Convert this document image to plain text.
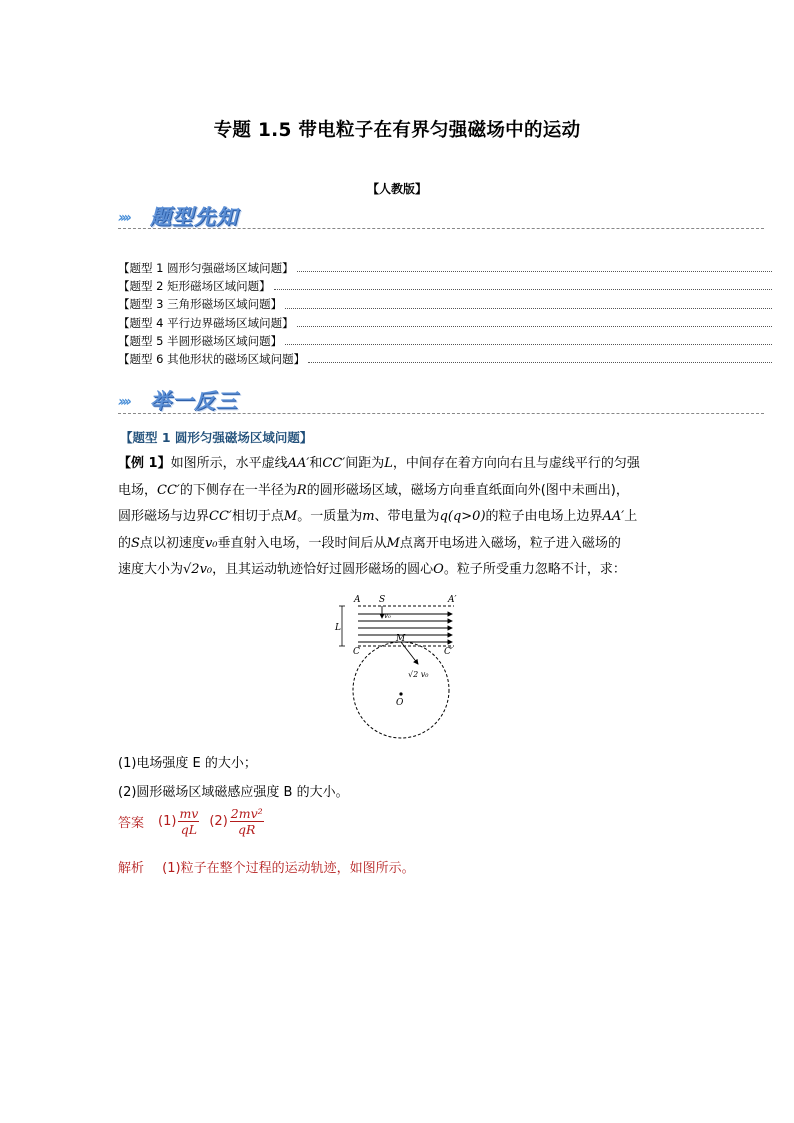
专题 1.5 带电粒子在有界匀强磁场中的运动
【人教版】
›››› 题型先知
【题型 1 圆形匀强磁场区域问题】
【题型 2 矩形磁场区域问题】
【题型 3 三角形磁场区域问题】
【题型 4 平行边界磁场区域问题】
【题型 5 半圆形磁场区域问题】
【题型 6 其他形状的磁场区域问题】
›››› 举一反三
【题型 1 圆形匀强磁场区域问题】
【例 1】如图所示，水平虚线AA′和CC′间距为L，中间存在着方向向右且与虚线平行的匀强
电场，CC′的下侧存在一半径为R的圆形磁场区域，磁场方向垂直纸面向外(图中未画出)，
圆形磁场与边界CC′相切于点M。一质量为m、带电量为q(q>0)的粒子由电场上边界AA′上
的S点以初速度v₀垂直射入电场，一段时间后从M点离开电场进入磁场，粒子进入磁场的
速度大小为√2v₀，且其运动轨迹恰好过圆形磁场的圆心O。粒子所受重力忽略不计，求：
A S	A′
L
v₀
M
C	C′
√2 v₀
O
(1)电场强度 E 的大小；
(2)圆形磁场区域磁感应强度 B 的大小。
答案 $(1) \frac{mv}{qL} (2) \frac{\text{2mv²}}{qR}$
解析 (1)粒子在整个过程的运动轨迹，如图所示。
